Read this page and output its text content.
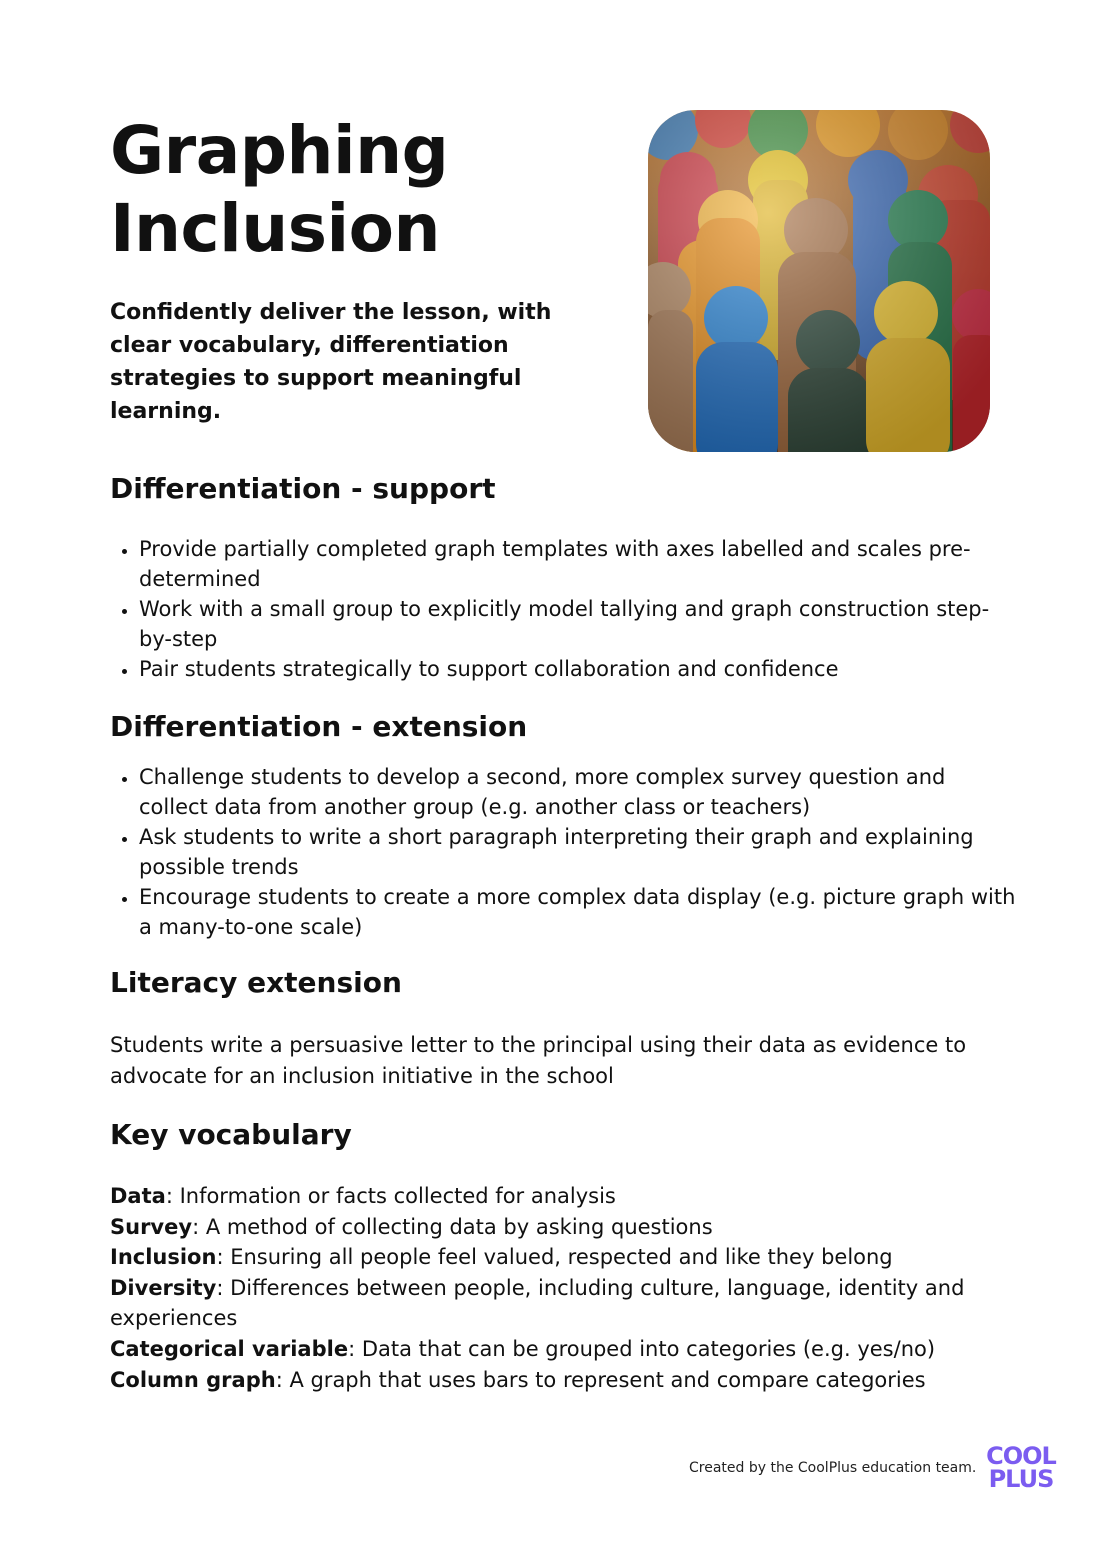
Graphing
Inclusion

Confidently deliver the lesson, with clear vocabulary, differentiation strategies to support meaningful learning.

Differentiation - support
• Provide partially completed graph templates with axes labelled and scales pre-determined
• Work with a small group to explicitly model tallying and graph construction step-by-step
• Pair students strategically to support collaboration and confidence
Differentiation - extension
• Challenge students to develop a second, more complex survey question and collect data from another group (e.g. another class or teachers)
• Ask students to write a short paragraph interpreting their graph and explaining possible trends
• Encourage students to create a more complex data display (e.g. picture graph with a many-to-one scale)
Literacy extension

Students write a persuasive letter to the principal using their data as evidence to advocate for an inclusion initiative in the school

Key vocabulary
Data: Information or facts collected for analysis
Survey: A method of collecting data by asking questions
Inclusion: Ensuring all people feel valued, respected and like they belong
Diversity: Differences between people, including culture, language, identity and experiences
Categorical variable: Data that can be grouped into categories (e.g. yes/no)
Column graph: A graph that uses bars to represent and compare categories
Created by the CoolPlus education team. COOL
PLUS
